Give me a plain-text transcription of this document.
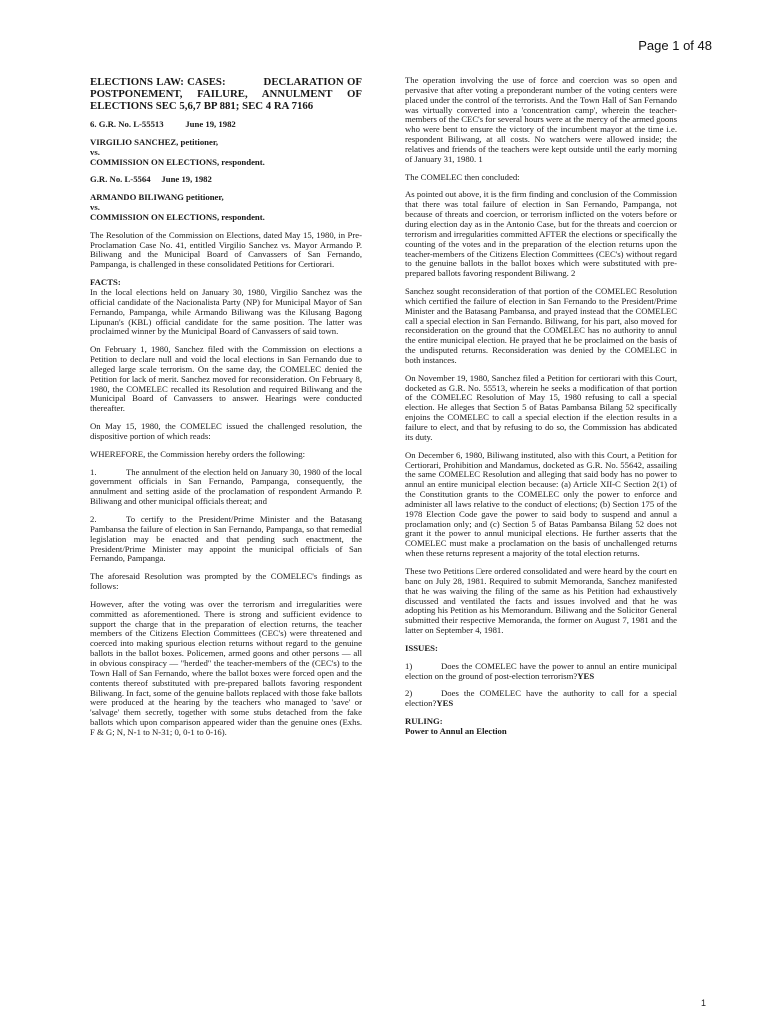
Page 1 of 48

ELECTIONS LAW: CASES:	DECLARATION OF POSTPONEMENT, FAILURE, ANNULMENT OF ELECTIONS SEC 5,6,7 BP 881; SEC 4 RA 7166

6. G.R. No. L-55513          June 19, 1982

VIRGILIO SANCHEZ, petitioner,

vs.

COMMISSION ON ELECTIONS, respondent.

G.R. No. L-5564     June 19, 1982

ARMANDO BILIWANG petitioner,

vs.

COMMISSION ON ELECTIONS, respondent.

The Resolution of the Commission on Elections, dated May 15, 1980, in Pre-Proclamation Case No. 41, entitled Virgilio Sanchez vs. Mayor Armando P. Biliwang and the Municipal Board of Canvassers of San Fernando, Pampanga, is challenged in these consolidated Petitions for Certiorari.

FACTS:

In the local elections held on January 30, 1980, Virgilio Sanchez was the official candidate of the Nacionalista Party (NP) for Municipal Mayor of San Fernando, Pampanga, while Armando Biliwang was the Kilusang Bagong Lipunan's (KBL) official candidate for the same position. The latter was proclaimed winner by the Municipal Board of Canvassers of said town.

On February 1, 1980, Sanchez filed with the Commission on elections a Petition to declare null and void the local elections in San Fernando due to alleged large scale terrorism. On the same day, the COMELEC denied the Petition for lack of merit. Sanchez moved for reconsideration. On February 8, 1980, the COMELEC recalled its Resolution and required Biliwang and the Municipal Board of Canvassers to answer. Hearings were conducted thereafter.

On May 15, 1980, the COMELEC issued the challenged resolution, the dispositive portion of which reads:

WHEREFORE, the Commission hereby orders the following:

1.	The annulment of the election held on January 30, 1980 of the local government officials in San Fernando, Pampanga, consequently, the annulment and setting aside of the proclamation of respondent Armando P. Biliwang and other municipal officials thereat; and

2.	To certify to the President/Prime Minister and the Batasang Pambansa the failure of election in San Fernando, Pampanga, so that remedial legislation may be enacted and that pending such enactment, the President/Prime Minister may appoint the municipal officials of San Fernando, Pampanga.

The aforesaid Resolution was prompted by the COMELEC's findings as follows:

However, after the voting was over the terrorism and irregularities were committed as aforementioned. There is strong and sufficient evidence to support the charge that in the preparation of election returns, the teacher members of the Citizens Election Committees (CEC's) were threatened and coerced into making spurious election returns without regard to the genuine ballots in the ballot boxes. Policemen, armed goons and other persons — all in obvious conspiracy — "herded" the teacher-members of the (CEC's) to the Town Hall of San Fernando, where the ballot boxes were forced open and the contents thereof substituted with pre-prepared ballots favoring respondent Biliwang. In fact, some of the genuine ballots replaced with those fake ballots were produced at the hearing by the teachers who managed to 'save' or 'salvage' them secretly, together with some stubs detached from the fake ballots which upon comparison appeared wider than the genuine ones (Exhs. F & G; N, N-1 to N-31; 0, 0-1 to 0-16).

The operation involving the use of force and coercion was so open and pervasive that after voting a preponderant number of the voting centers were placed under the control of the terrorists. And the Town Hall of San Fernando was virtually converted into a 'concentration camp', wherein the teacher-members of the CEC's for several hours were at the mercy of the armed goons who were bent to ensure the victory of the incumbent mayor at the time i.e. respondent Biliwang, at all costs. No watchers were allowed inside; the relatives and friends of the teachers were kept outside until the early morning of January 31, 1980. 1

The COMELEC then concluded:

As pointed out above, it is the firm finding and conclusion of the Commission that there was total failure of election in San Fernando, Pampanga, not because of threats and coercion, or terrorism inflicted on the voters before or during election day as in the Antonio Case, but for the threats and coercion or terrorism and irregularities committed AFTER the elections or specifically the counting of the votes and in the preparation of the election returns upon the teacher-members of the Citizens Election Committees (CEC's) without regard to the genuine ballots in the ballot boxes which were substituted with pre-prepared ballots favoring respondent Biliwang. 2

Sanchez sought reconsideration of that portion of the COMELEC Resolution which certified the failure of election in San Fernando to the President/Prime Minister and the Batasang Pambansa, and prayed instead that the COMELEC call a special election in San Fernando. Biliwang, for his part, also moved for reconsideration on the ground that the COMELEC has no authority to annul the entire municipal election. He prayed that he be proclaimed on the basis of the undisputed returns. Reconsideration was denied by the COMELEC in both instances.

On November 19, 1980, Sanchez filed a Petition for certiorari with this Court, docketed as G.R. No. 55513, wherein he seeks a modification of that portion of the COMELEC Resolution of May 15, 1980 refusing to call a special election. He alleges that Section 5 of Batas Pambansa Bilang 52 specifically enjoins the COMELEC to call a special election if the election results in a failure to elect, and that by refusing to do so, the Commission has abdicated its duty.

On December 6, 1980, Biliwang instituted, also with this Court, a Petition for Certiorari, Prohibition and Mandamus, docketed as G.R. No. 55642, assailing the same COMELEC Resolution and alleging that said body has no power to annul an entire municipal election because: (a) Article XII-C Section 2(1) of the Constitution grants to the COMELEC only the power to enforce and administer all laws relative to the conduct of elections; (b) Section 175 of the 1978 Election Code gave the power to said body to suspend and annul a proclamation only; and (c) Section 5 of Batas Pambansa Bilang 52 does not grant it the power to annul municipal elections. He further asserts that the COMELEC must make a proclamation on the basis of unchallenged returns when these returns represent a majority of the total election returns.

These two Petitions □ere ordered consolidated and were heard by the court en banc on July 28, 1981. Required to submit Memoranda, Sanchez manifested that he was waiving the filing of the same as his Petition had exhaustively discussed and ventilated the facts and issues involved and that he was adopting his Petition as his Memorandum. Biliwang and the Solicitor General submitted their respective Memoranda, the former on August 7, 1981 and the latter on September 4, 1981.

ISSUES:

1)	Does the COMELEC have the power to annul an entire municipal election on the ground of post-election terrorism?YES

2)	Does the COMELEC have the authority to call for a special election?YES

RULING:

Power to Annul an Election

1
